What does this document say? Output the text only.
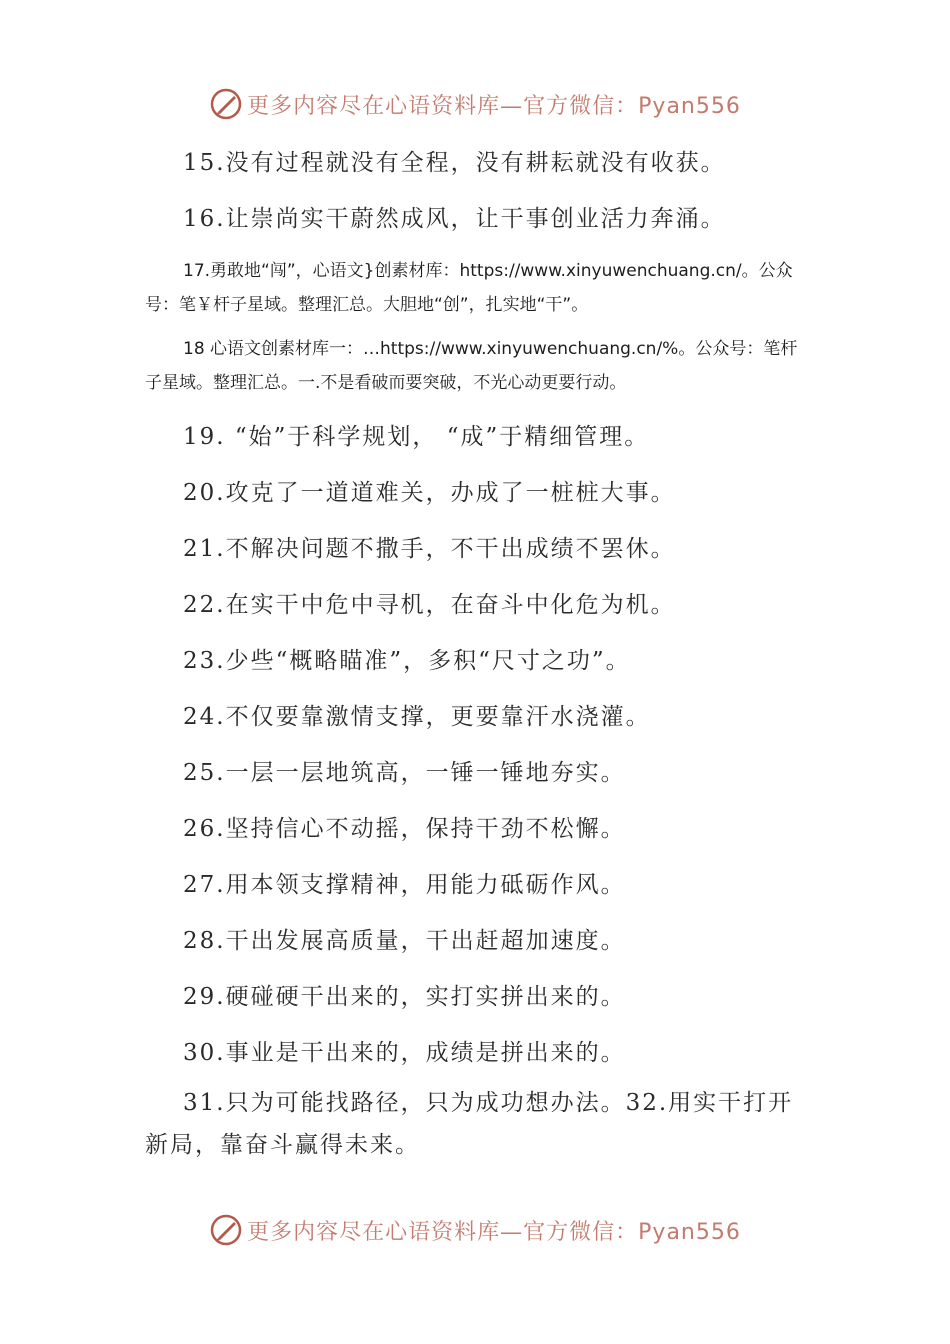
更多内容尽在心语资料库—官方微信：Pyan556

15.没有过程就没有全程，没有耕耘就没有收获。

16.让崇尚实干蔚然成风，让干事创业活力奔涌。

17.勇敢地“闯”，心语文}创素材库：https://www.xinyuwenchuang.cn/。公众号：笔￥杆子星域。整理汇总。大胆地“创”，扎实地“干”。

18 心语文创素材库一：…https://www.xinyuwenchuang.cn/%。公众号：笔杆子星域。整理汇总。一.不是看破而要突破，不光心动更要行动。

19. “始”于科学规划， “成”于精细管理。

20.攻克了一道道难关，办成了一桩桩大事。

21.不解决问题不撒手，不干出成绩不罢休。

22.在实干中危中寻机，在奋斗中化危为机。

23.少些“概略瞄准”，多积“尺寸之功”。

24.不仅要靠激情支撑，更要靠汗水浇灌。

25.一层一层地筑高，一锤一锤地夯实。

26.坚持信心不动摇，保持干劲不松懈。

27.用本领支撑精神，用能力砥砺作风。

28.干出发展高质量，干出赶超加速度。

29.硬碰硬干出来的，实打实拼出来的。

30.事业是干出来的，成绩是拼出来的。

31.只为可能找路径，只为成功想办法。32.用实干打开新局，靠奋斗赢得未来。

更多内容尽在心语资料库—官方微信：Pyan556
